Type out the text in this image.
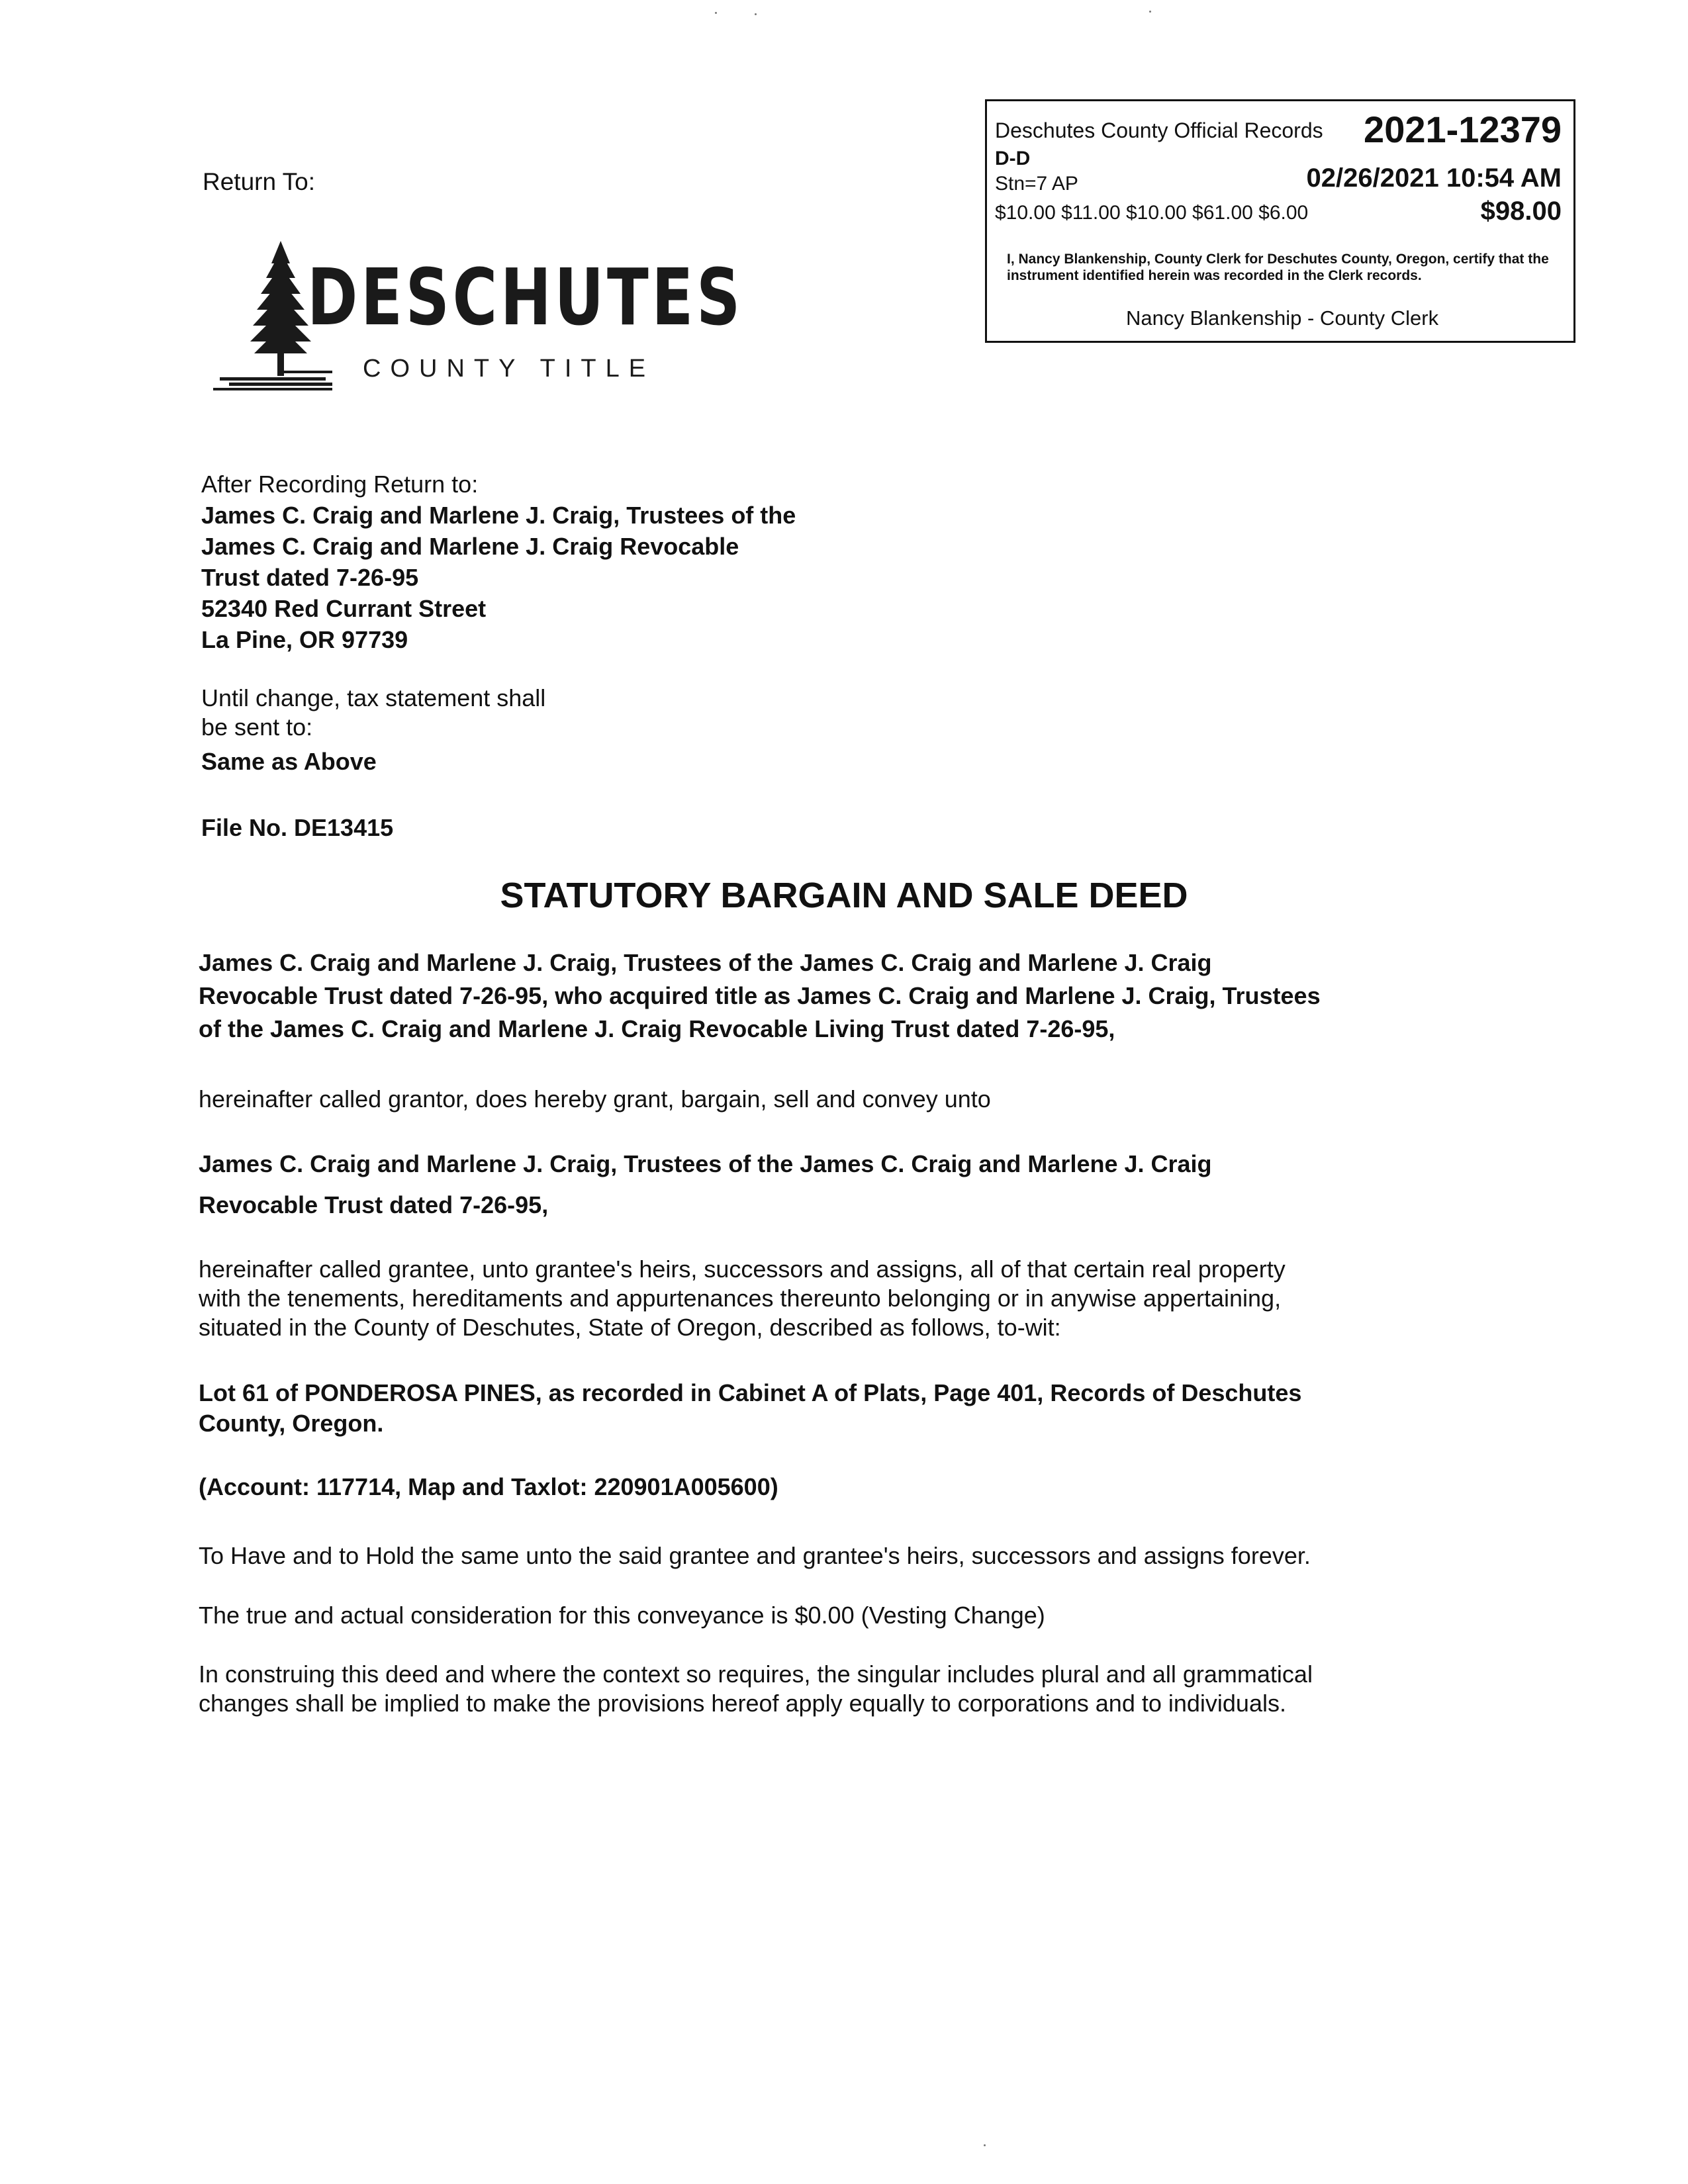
Deschutes County Official Records 2021-12379
D-D
Stn=7 AP	02/26/2021 10:54 AM
$10.00 $11.00 $10.00 $61.00 $6.00	$98.00
I, Nancy Blankenship, County Clerk for Deschutes County, Oregon, certify that the instrument identified herein was recorded in the Clerk records.
Nancy Blankenship - County Clerk
Return To:
DESCHUTES
COUNTY TITLE
After Recording Return to:
James C. Craig and Marlene J. Craig, Trustees of the
James C. Craig and Marlene J. Craig Revocable
Trust dated 7-26-95
52340 Red Currant Street
La Pine, OR 97739
Until change, tax statement shall
be sent to:
Same as Above
File No. DE13415
STATUTORY BARGAIN AND SALE DEED
James C. Craig and Marlene J. Craig, Trustees of the James C. Craig and Marlene J. Craig
Revocable Trust dated 7-26-95, who acquired title as James C. Craig and Marlene J. Craig, Trustees
of the James C. Craig and Marlene J. Craig Revocable Living Trust dated 7-26-95,
hereinafter called grantor, does hereby grant, bargain, sell and convey unto
James C. Craig and Marlene J. Craig, Trustees of the James C. Craig and Marlene J. Craig
Revocable Trust dated 7-26-95,
hereinafter called grantee, unto grantee's heirs, successors and assigns, all of that certain real property
with the tenements, hereditaments and appurtenances thereunto belonging or in anywise appertaining,
situated in the County of Deschutes, State of Oregon, described as follows, to-wit:
Lot 61 of PONDEROSA PINES, as recorded in Cabinet A of Plats, Page 401, Records of Deschutes
County, Oregon.
(Account: 117714, Map and Taxlot: 220901A005600)
To Have and to Hold the same unto the said grantee and grantee's heirs, successors and assigns forever.
The true and actual consideration for this conveyance is $0.00 (Vesting Change)
In construing this deed and where the context so requires, the singular includes plural and all grammatical
changes shall be implied to make the provisions hereof apply equally to corporations and to individuals.
